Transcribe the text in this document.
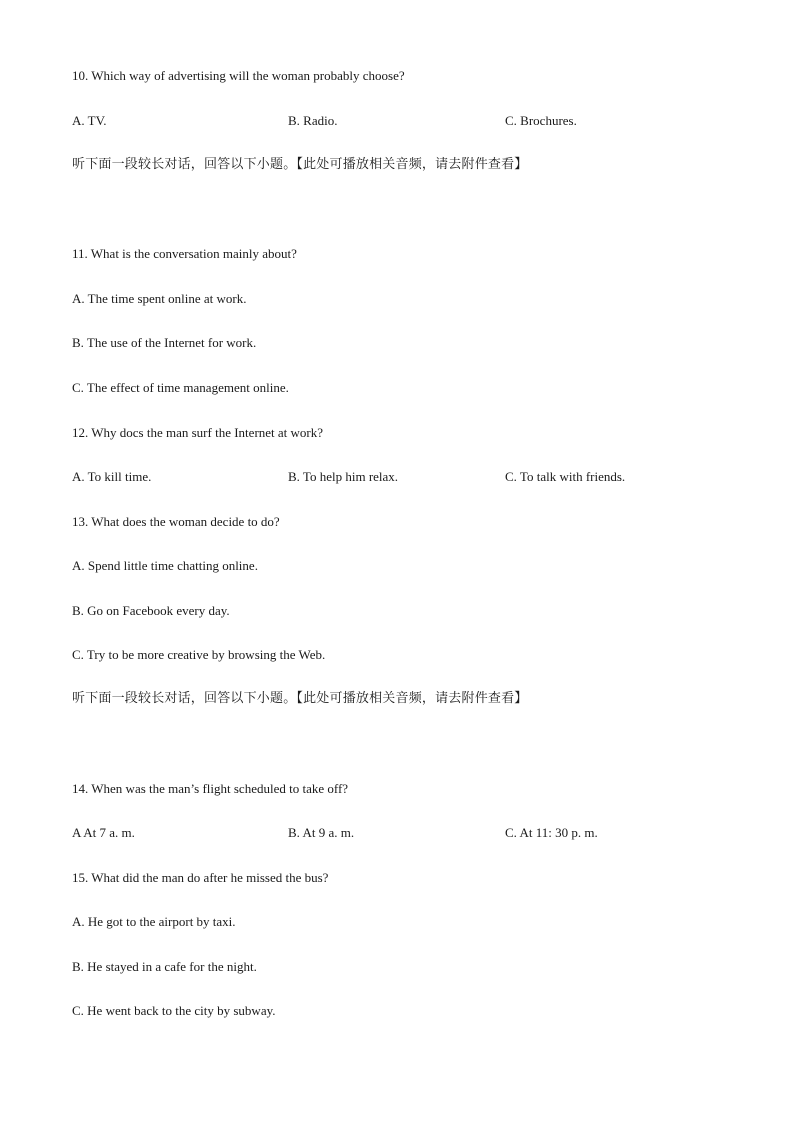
10. Which way of advertising will the woman probably choose?
A. TV.	B. Radio.	C. Brochures.
听下面一段较长对话，回答以下小题。【此处可播放相关音频，请去附件查看】
11. What is the conversation mainly about?
A. The time spent online at work.
B. The use of the Internet for work.
C. The effect of time management online.
12. Why docs the man surf the Internet at work?
A. To kill time.	B. To help him relax.	C. To talk with friends.
13. What does the woman decide to do?
A. Spend little time chatting online.
B. Go on Facebook every day.
C. Try to be more creative by browsing the Web.
听下面一段较长对话，回答以下小题。【此处可播放相关音频，请去附件查看】
14. When was the man’s flight scheduled to take off?
A At 7 a. m.	B. At 9 a. m.	C. At 11: 30 p. m.
15. What did the man do after he missed the bus?
A. He got to the airport by taxi.
B. He stayed in a cafe for the night.
C. He went back to the city by subway.
